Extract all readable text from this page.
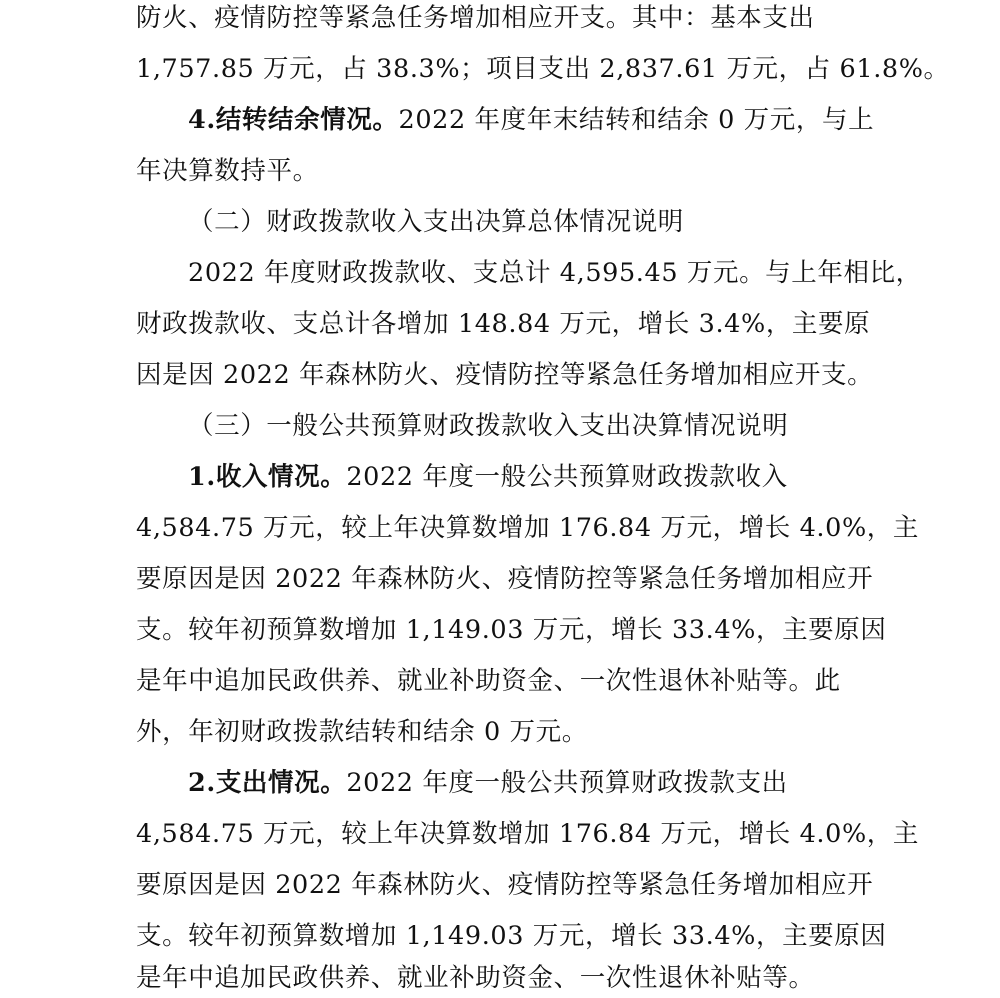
防火、疫情防控等紧急任务增加相应开支。其中：基本支出
1,757.85 万元，占 38.3%；项目支出 2,837.61 万元，占 61.8%。
4.结转结余情况。2022 年度年末结转和结余 0 万元，与上
年决算数持平。
（二）财政拨款收入支出决算总体情况说明
2022 年度财政拨款收、支总计 4,595.45 万元。与上年相比，
财政拨款收、支总计各增加 148.84 万元，增长 3.4%，主要原
因是因 2022 年森林防火、疫情防控等紧急任务增加相应开支。
（三）一般公共预算财政拨款收入支出决算情况说明
1.收入情况。2022 年度一般公共预算财政拨款收入
4,584.75 万元，较上年决算数增加 176.84 万元，增长 4.0%，主
要原因是因 2022 年森林防火、疫情防控等紧急任务增加相应开
支。较年初预算数增加 1,149.03 万元，增长 33.4%，主要原因
是年中追加民政供养、就业补助资金、一次性退休补贴等。此
外，年初财政拨款结转和结余 0 万元。
2.支出情况。2022 年度一般公共预算财政拨款支出
4,584.75 万元，较上年决算数增加 176.84 万元，增长 4.0%，主
要原因是因 2022 年森林防火、疫情防控等紧急任务增加相应开
支。较年初预算数增加 1,149.03 万元，增长 33.4%，主要原因
是年中追加民政供养、就业补助资金、一次性退休补贴等。
